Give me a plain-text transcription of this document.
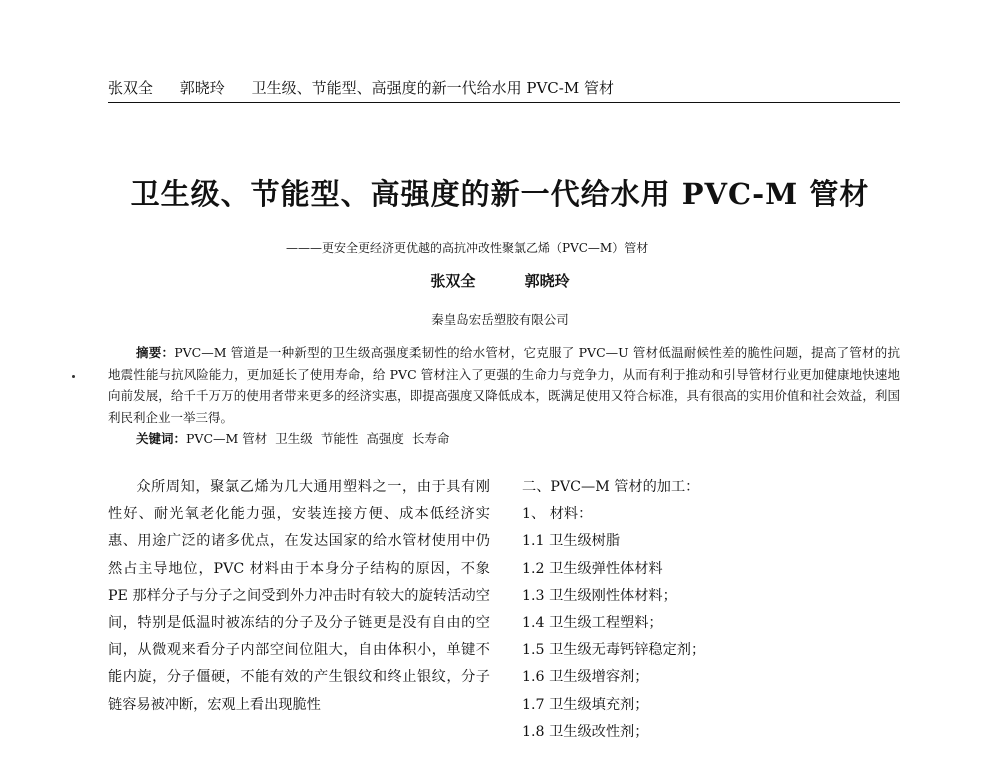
张双全 郭晓玲 卫生级、节能型、高强度的新一代给水用 PVC-M 管材
卫生级、节能型、高强度的新一代给水用 PVC-M 管材
———更安全更经济更优越的高抗冲改性聚氯乙烯（PVC—M）管材
张双全	郭晓玲
秦皇岛宏岳塑胶有限公司

摘要：PVC—M 管道是一种新型的卫生级高强度柔韧性的给水管材，它克服了 PVC—U 管材低温耐候性差的脆性问题，提高了管材的抗地震性能与抗风险能力，更加延长了使用寿命，给 PVC 管材注入了更强的生命力与竞争力，从而有利于推动和引导管材行业更加健康地快速地向前发展，给千千万万的使用者带来更多的经济实惠，即提高强度又降低成本，既满足使用又符合标准，具有很高的实用价值和社会效益，利国利民利企业一举三得。

关键词：PVC—M 管材 卫生级 节能性 高强度 长寿命

众所周知，聚氯乙烯为几大通用塑料之一，由于具有刚性好、耐光氧老化能力强，安装连接方便、成本低经济实惠、用途广泛的诸多优点，在发达国家的给水管材使用中仍然占主导地位，PVC 材料由于本身分子结构的原因，不象 PE 那样分子与分子之间受到外力冲击时有较大的旋转活动空间，特别是低温时被冻结的分子及分子链更是没有自由的空间，从微观来看分子内部空间位阻大，自由体积小，单键不能内旋，分子僵硬，不能有效的产生银纹和终止银纹，分子链容易被冲断，宏观上看出现脆性

二、PVC—M 管材的加工：
1、 材料：
1.1 卫生级树脂
1.2 卫生级弹性体材料
1.3 卫生级刚性体材料；
1.4 卫生级工程塑料；
1.5 卫生级无毒钙锌稳定剂；
1.6 卫生级增容剂；
1.7 卫生级填充剂；
1.8 卫生级改性剂；
